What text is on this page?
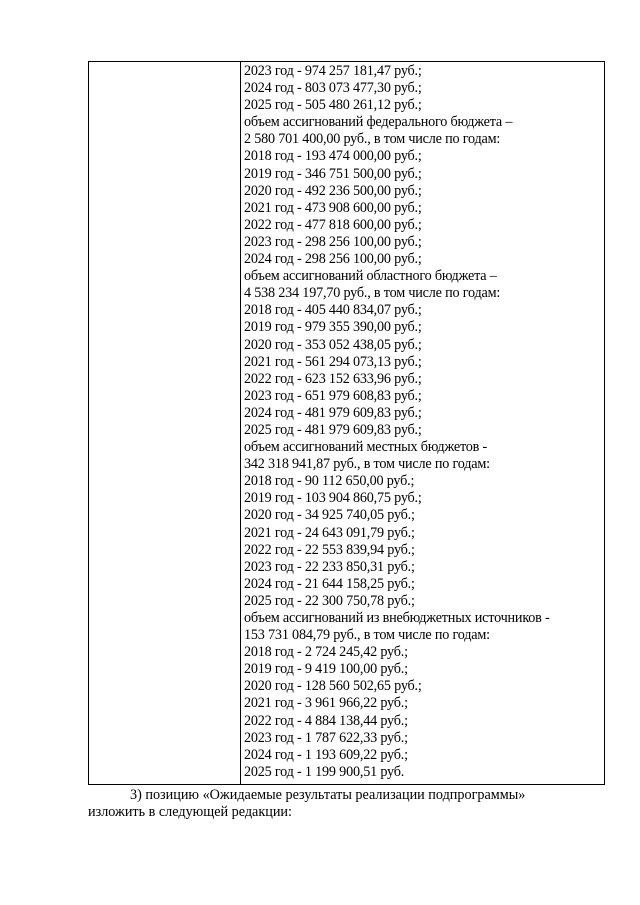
2023 год - 974 257 181,47 руб.;
2024 год - 803 073 477,30 руб.;
2025 год - 505 480 261,12 руб.;
объем ассигнований федерального бюджета –
2 580 701 400,00 руб., в том числе по годам:
2018 год - 193 474 000,00 руб.;
2019 год - 346 751 500,00 руб.;
2020 год - 492 236 500,00 руб.;
2021 год - 473 908 600,00 руб.;
2022 год - 477 818 600,00 руб.;
2023 год - 298 256 100,00 руб.;
2024 год - 298 256 100,00 руб.;
объем ассигнований областного бюджета –
4 538 234 197,70 руб., в том числе по годам:
2018 год - 405 440 834,07 руб.;
2019 год - 979 355 390,00 руб.;
2020 год - 353 052 438,05 руб.;
2021 год - 561 294 073,13 руб.;
2022 год - 623 152 633,96 руб.;
2023 год - 651 979 608,83 руб.;
2024 год - 481 979 609,83 руб.;
2025 год - 481 979 609,83 руб.;
объем ассигнований местных бюджетов -
342 318 941,87 руб., в том числе по годам:
2018 год - 90 112 650,00 руб.;
2019 год - 103 904 860,75 руб.;
2020 год - 34 925 740,05 руб.;
2021 год - 24 643 091,79 руб.;
2022 год - 22 553 839,94 руб.;
2023 год - 22 233 850,31 руб.;
2024 год - 21 644 158,25 руб.;
2025 год - 22 300 750,78 руб.;
объем ассигнований из внебюджетных источников -
153 731 084,79 руб., в том числе по годам:
2018 год - 2 724 245,42 руб.;
2019 год - 9 419 100,00 руб.;
2020 год - 128 560 502,65 руб.;
2021 год - 3 961 966,22 руб.;
2022 год - 4 884 138,44 руб.;
2023 год - 1 787 622,33 руб.;
2024 год - 1 193 609,22 руб.;
2025 год - 1 199 900,51 руб.
3) позицию «Ожидаемые результаты реализации подпрограммы»
изложить в следующей редакции:
